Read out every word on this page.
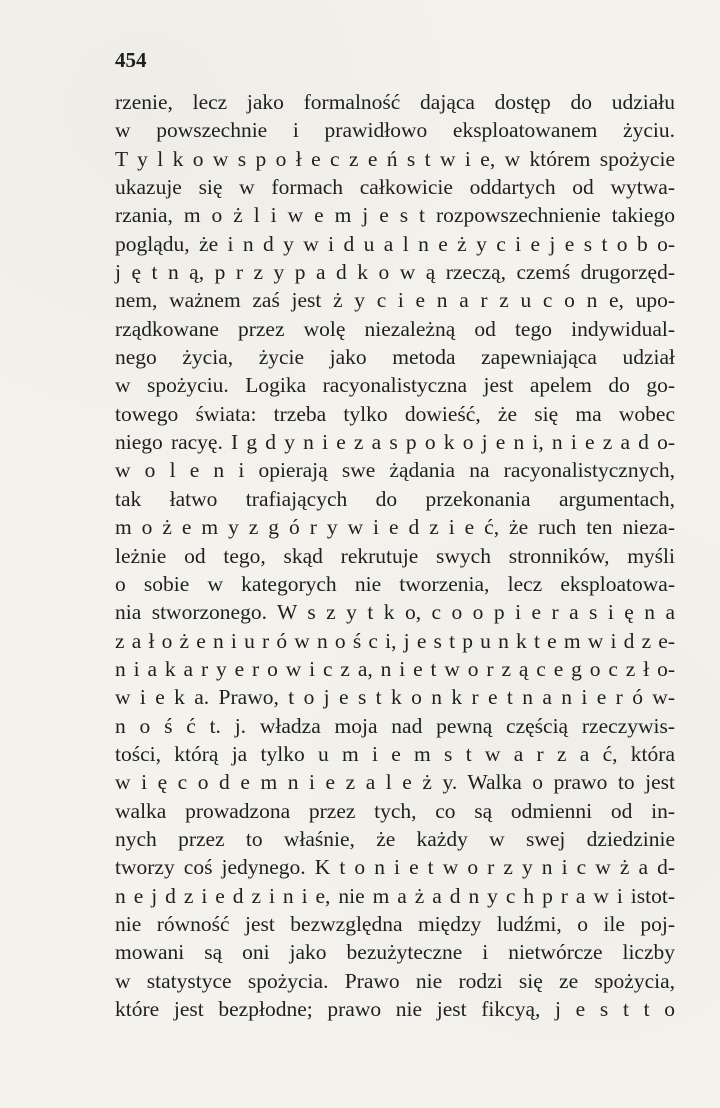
454
rzenie, lecz jako formalność dająca dostęp do udziału
w powszechnie i prawidłowo eksploatowanem życiu.
T y l k o w s p o ł e c z e ń s t w i e, w którem spożycie
ukazuje się w formach całkowicie oddartych od wytwa-
rzania, m o ż l i w e m j e s t rozpowszechnienie takiego
poglądu, że i n d y w i d u a l n e ż y c i e j e s t o b o-
j ę t n ą, p r z y p a d k o w ą rzeczą, czemś drugorzęd-
nem, ważnem zaś jest ż y c i e n a r z u c o n e, upo-
rządkowane przez wolę niezależną od tego indywidual-
nego życia, życie jako metoda zapewniająca udział
w spożyciu. Logika racyonalistyczna jest apelem do go-
towego świata: trzeba tylko dowieść, że się ma wobec
niego racyę. I g d y n i e z a s p o k o j e n i, n i e z a d o-
w o l e n i opierają swe żądania na racyonalistycznych,
tak łatwo trafiających do przekonania argumentach,
m o ż e m y z g ó r y w i e d z i e ć, że ruch ten nieza-
leżnie od tego, skąd rekrutuje swych stronników, myśli
o sobie w kategorych nie tworzenia, lecz eksploatowa-
nia stworzonego. W s z y t k o, c o o p i e r a s i ę n a
z a ł o ż e n i u r ó w n o ś c i, j e s t p u n k t e m w i d z e-
n i a k a r y e r o w i c z a, n i e t w o r z ą c e g o c z ł o-
w i e k a. Prawo, t o j e s t k o n k r e t n a n i e r ó w-
n o ś ć t. j. władza moja nad pewną częścią rzeczywis-
tości, którą ja tylko u m i e m s t w a r z a ć, która
w i ę c o d e m n i e z a l e ż y. Walka o prawo to jest
walka prowadzona przez tych, co są odmienni od in-
nych przez to właśnie, że każdy w swej dziedzinie
tworzy coś jedynego. K t o n i e t w o r z y n i c w ż a d-
n e j d z i e d z i n i e, nie m a ż a d n y c h p r a w i istot-
nie równość jest bezwzględna między ludźmi, o ile poj-
mowani są oni jako bezużyteczne i nietwórcze liczby
w statystyce spożycia. Prawo nie rodzi się ze spożycia,
które jest bezpłodne; prawo nie jest fikcyą, j e s t t o
